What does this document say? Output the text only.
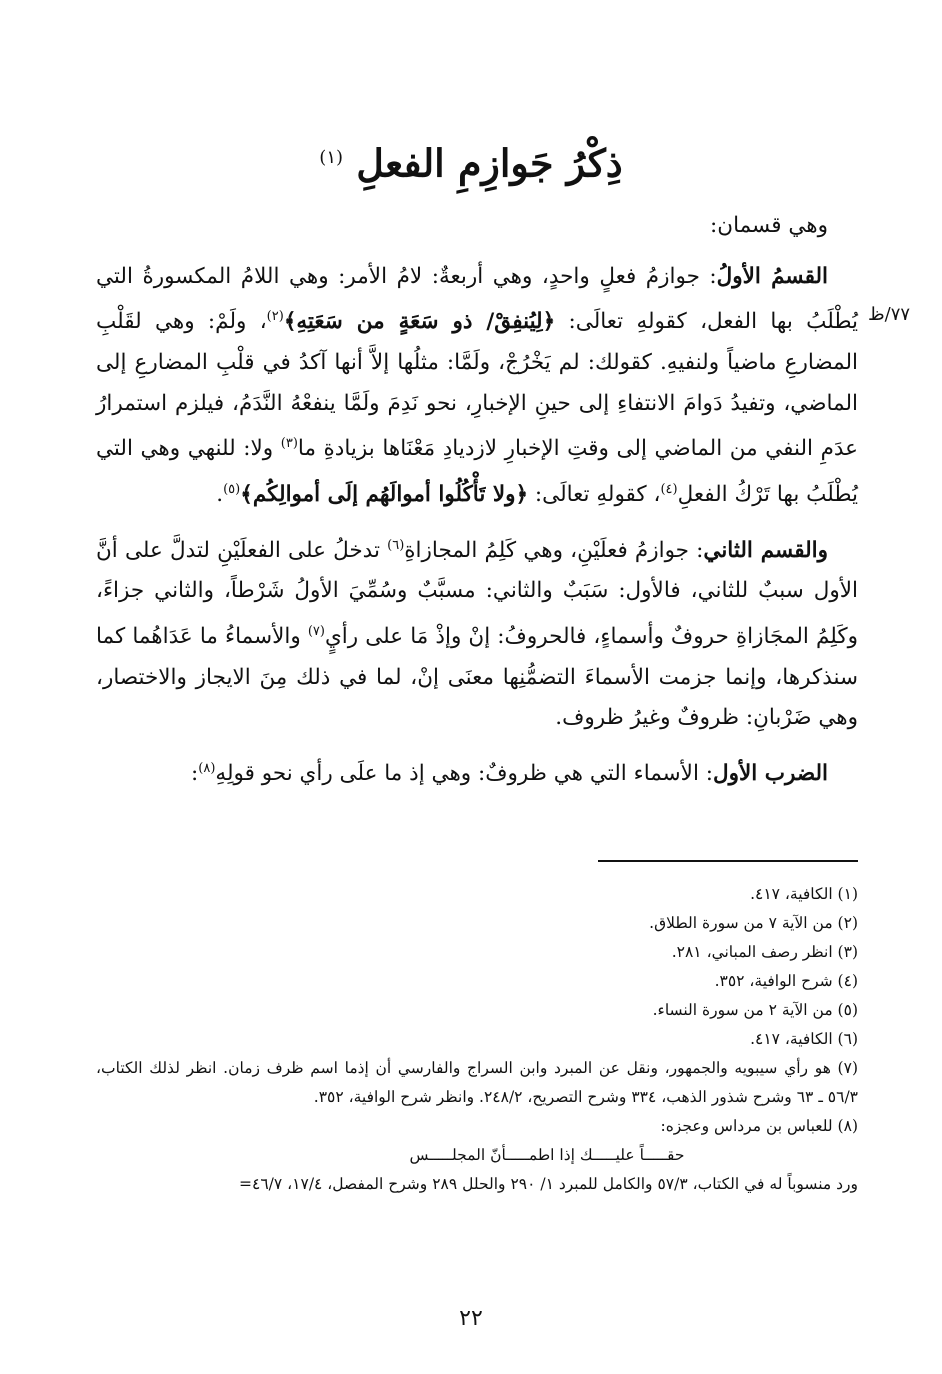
ذِكْرُ جَوازِمِ الفعلِ $^{(١)}$
٧٧/ظ

وهي قسمان:

القسمُ الأولُ: جوازمُ فعلٍ واحدٍ، وهي أربعةٌ: لامُ الأمر: وهي اللامُ المكسورةُ التي يُطْلَبُ بها الفعل، كقولهِ تعالَى: ﴿لِيُنفِقْ/ ذو سَعَةٍ من سَعَتِهِ﴾$^{(٢)}$، ولَمْ: وهي لقَلْبِ المضارعِ ماضياً ولنفيهِ. كقولك: لم يَخْرُجْ، ولَمَّا: مثلُها إلاَّ أنها آكدُ في قلْبِ المضارعِ إلى الماضي، وتفيدُ دَوامَ الانتفاءِ إلى حينِ الإخبارِ، نحو نَدِمَ ولَمَّا ينفعْهُ النَّدَمُ، فيلزم استمرارُ عدَمِ النفي من الماضي إلى وقتِ الإخبارِ لازديادِ مَعْنَاها بزيادةِ ما$^{(٣)}$ ولا: للنهي وهي التي يُطْلَبُ بها تَرْكُ الفعلِ$^{(٤)}$، كقولهِ تعالَى: ﴿ولا تَأْكُلُوا أموالَهُم إلَى أموالِكُم﴾$^{(٥)}$.

والقسم الثاني: جوازمُ فعلَيْنِ، وهي كَلِمُ المجازاةِ$^{(٦)}$ تدخلُ على الفعلَيْنِ لتدلَّ على أنَّ الأول سببٌ للثاني، فالأول: سَبَبٌ والثاني: مسبَّبٌ وسُمِّيَ الأولُ شَرْطاً، والثاني جزاءً، وكَلِمُ المجَازاةِ حروفٌ وأسماءٍ، فالحروفُ: إنْ وإذْ مَا على رأيٍ$^{(٧)}$ والأسماءُ ما عَدَاهُما كما سنذكرها، وإنما جزمت الأسماءَ التضمُّنِها معنَى إنْ، لما في ذلك مِنَ الايجاز والاختصار، وهي ضَرْبانِ: ظروفٌ وغيرُ ظروف.

الضرب الأول: الأسماء التي هي ظروفٌ: وهي إذ ما علَى رأي نحو قولِهِ$^{(٨)}$:

(١) الكافية، ٤١٧.
(٢) من الآية ٧ من سورة الطلاق.
(٣) انظر رصف المباني، ٢٨١.
(٤) شرح الوافية، ٣٥٢.
(٥) من الآية ٢ من سورة النساء.
(٦) الكافية، ٤١٧.
(٧) هو رأي سيبويه والجمهور، ونقل عن المبرد وابن السراج والفارسي أن إذما اسم ظرف زمان. انظر لذلك الكتاب، ٥٦/٣ ـ ٦٣ وشرح شذور الذهب، ٣٣٤ وشرح التصريح، ٢٤٨/٢. وانظر شرح الوافية، ٣٥٢.
(٨) للعباس بن مرداس وعجزه:
حقـــــاً عليـــــك إذا اطمـــــأنّ المجلـــــس
ورد منسوباً له في الكتاب، ٥٧/٣ والكامل للمبرد ١/ ٢٩٠ والحلل ٢٨٩ وشرح المفصل، ١٧/٤، ٤٦/٧=
٢٢
